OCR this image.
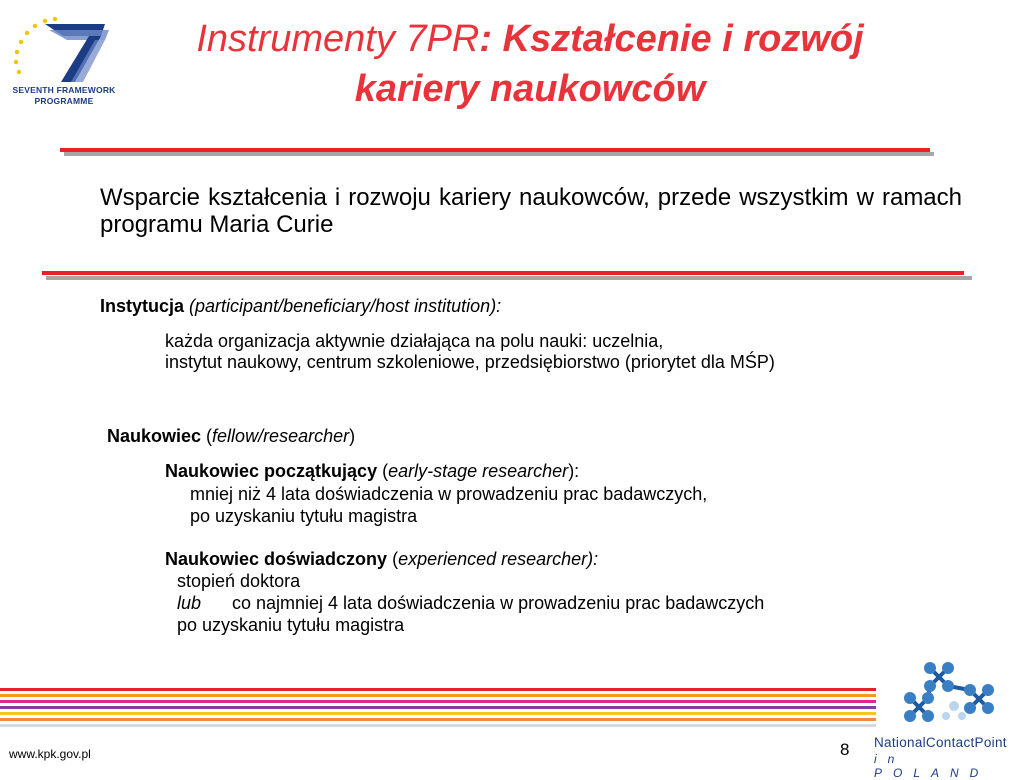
SEVENTH FRAMEWORK
PROGRAMME
Instrumenty 7PR: Kształcenie i rozwój
kariery naukowców
Wsparcie kształcenia i rozwoju kariery naukowców, przede wszystkim w ramach programu Maria Curie
Instytucja (participant/beneficiary/host institution):
każda organizacja aktywnie działająca na polu nauki: uczelnia,
instytut naukowy, centrum szkoleniowe, przedsiębiorstwo (priorytet dla MŚP)
Naukowiec (fellow/researcher)
Naukowiec początkujący (early-stage researcher):
mniej niż 4 lata doświadczenia w prowadzeniu prac badawczych,
po uzyskaniu tytułu magistra
Naukowiec doświadczony (experienced researcher):
stopień doktora
lub co najmniej 4 lata doświadczenia w prowadzeniu prac badawczych
po uzyskaniu tytułu magistra
www.kpk.gov.pl	8 NationalContactPoint
in POLAND
